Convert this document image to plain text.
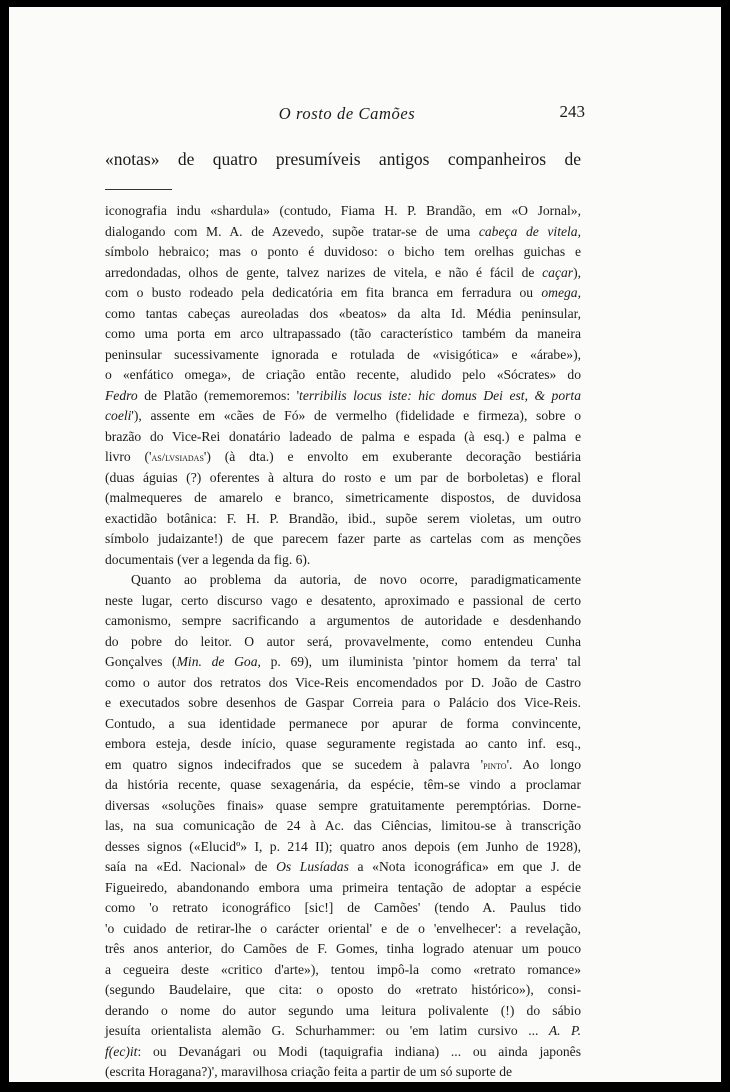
O rosto de Camões	243
«notas» de quatro presumíveis antigos companheiros de
iconografia indu «shardula» (contudo, Fiama H. P. Brandão, em «O Jornal»,
dialogando com M. A. de Azevedo, supõe tratar-se de uma cabeça de vitela,
símbolo hebraico; mas o ponto é duvidoso: o bicho tem orelhas guichas e
arredondadas, olhos de gente, talvez narizes de vitela, e não é fácil de caçar),
com o busto rodeado pela dedicatória em fita branca em ferradura ou omega,
como tantas cabeças aureoladas dos «beatos» da alta Id. Média peninsular,
como uma porta em arco ultrapassado (tão característico também da maneira
peninsular sucessivamente ignorada e rotulada de «visigótica» e «árabe»),
o «enfático omega», de criação então recente, aludido pelo «Sócrates» do
Fedro de Platão (rememoremos: 'terribilis locus iste: hic domus Dei est, & porta
coeli'), assente em «cães de Fó» de vermelho (fidelidade e firmeza), sobre o
brazão do Vice-Rei donatário ladeado de palma e espada (à esq.) e palma e
livro ('as/lvsiadas') (à dta.) e envolto em exuberante decoração bestiária
(duas águias (?) oferentes à altura do rosto e um par de borboletas) e floral
(malmequeres de amarelo e branco, simetricamente dispostos, de duvidosa
exactidão botânica: F. H. P. Brandão, ibid., supõe serem violetas, um outro
símbolo judaizante!) de que parecem fazer parte as cartelas com as menções
documentais (ver a legenda da fig. 6).
Quanto ao problema da autoria, de novo ocorre, paradigmaticamente
neste lugar, certo discurso vago e desatento, aproximado e passional de certo
camonismo, sempre sacrificando a argumentos de autoridade e desdenhando
do pobre do leitor. O autor será, provavelmente, como entendeu Cunha
Gonçalves (Min. de Goa, p. 69), um iluminista 'pintor homem da terra' tal
como o autor dos retratos dos Vice-Reis encomendados por D. João de Castro
e executados sobre desenhos de Gaspar Correia para o Palácio dos Vice-Reis.
Contudo, a sua identidade permanece por apurar de forma convincente,
embora esteja, desde início, quase seguramente registada ao canto inf. esq.,
em quatro signos indecifrados que se sucedem à palavra 'pinto'. Ao longo
da história recente, quase sexagenária, da espécie, têm-se vindo a proclamar
diversas «soluções finais» quase sempre gratuitamente peremptórias. Dorne-
las, na sua comunicação de 24 à Ac. das Ciências, limitou-se à transcrição
desses signos («Elucidº» I, p. 214 II); quatro anos depois (em Junho de 1928),
saía na «Ed. Nacional» de Os Lusíadas a «Nota iconográfica» em que J. de
Figueiredo, abandonando embora uma primeira tentação de adoptar a espécie
como 'o retrato iconográfico [sic!] de Camões' (tendo A. Paulus tido
'o cuidado de retirar-lhe o carácter oriental' e de o 'envelhecer': a revelação,
três anos anterior, do Camões de F. Gomes, tinha logrado atenuar um pouco
a cegueira deste «critico d'arte»), tentou impô-la como «retrato romance»
(segundo Baudelaire, que cita: o oposto do «retrato histórico»), consi-
derando o nome do autor segundo uma leitura polivalente (!) do sábio
jesuíta orientalista alemão G. Schurhammer: ou 'em latim cursivo ... A. P.
f(ec)it: ou Devanágari ou Modi (taquigrafia indiana) ... ou ainda japonês
(escrita Horagana?)', maravilhosa criação feita a partir de um só suporte de
